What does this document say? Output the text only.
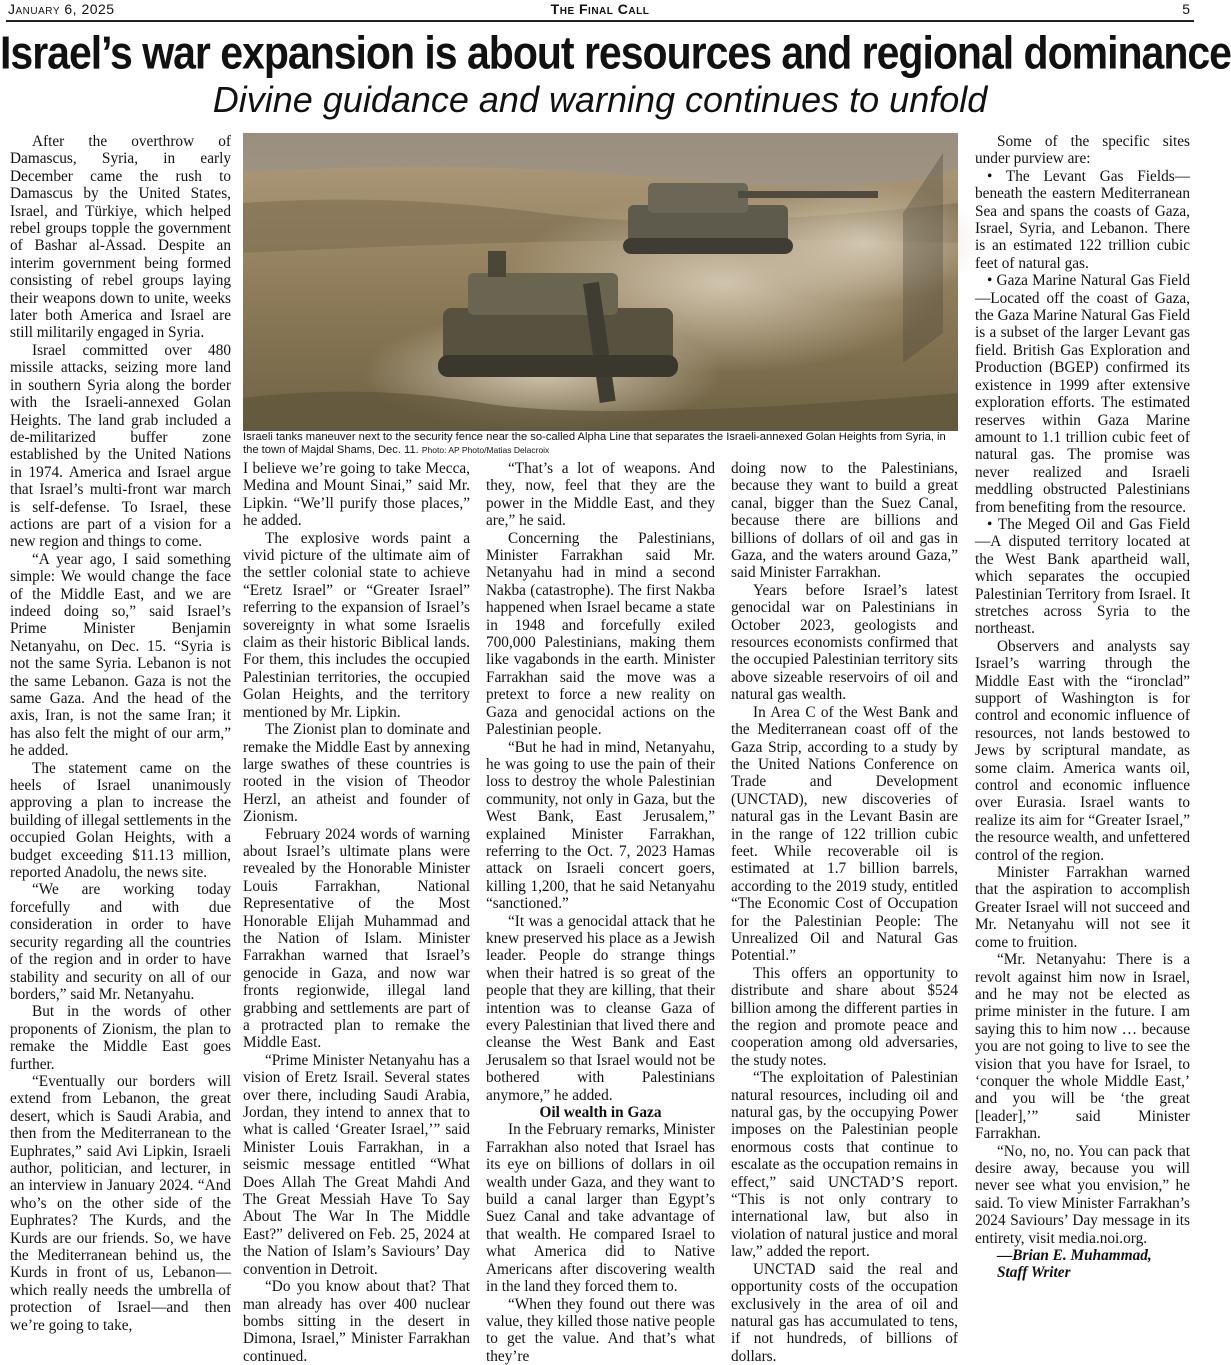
The Final Call
January 6, 2025	5
Israel’s war expansion is about resources and regional dominance
Divine guidance and warning continues to unfold

After the overthrow of Damascus, Syria, in early December came the rush to Damascus by the United States, Israel, and Türkiye, which helped rebel groups topple the government of Bashar al-Assad. Despite an interim government being formed consisting of rebel groups laying their weapons down to unite, weeks later both America and Israel are still militarily engaged in Syria.

Israel committed over 480 missile attacks, seizing more land in southern Syria along the border with the Israeli-annexed Golan Heights. The land grab included a de-militarized buffer zone established by the United Nations in 1974. America and Israel argue that Israel’s multi-front war march is self-defense. To Israel, these actions are part of a vision for a new region and things to come.

“A year ago, I said something simple: We would change the face of the Middle East, and we are indeed doing so,” said Israel’s Prime Minister Benjamin Netanyahu, on Dec. 15. “Syria is not the same Syria. Lebanon is not the same Lebanon. Gaza is not the same Gaza. And the head of the axis, Iran, is not the same Iran; it has also felt the might of our arm,” he added.

The statement came on the heels of Israel unanimously approving a plan to increase the building of illegal settlements in the occupied Golan Heights, with a budget exceeding $11.13 million, reported Anadolu, the news site.

“We are working today forcefully and with due consideration in order to have security regarding all the countries of the region and in order to have stability and security on all of our borders,” said Mr. Netanyahu.

But in the words of other proponents of Zionism, the plan to remake the Middle East goes further.

“Eventually our borders will extend from Lebanon, the great desert, which is Saudi Arabia, and then from the Mediterranean to the Euphrates,” said Avi Lipkin, Israeli author, politician, and lecturer, in an interview in January 2024. “And who’s on the other side of the Euphrates? The Kurds, and the Kurds are our friends. So, we have the Mediterranean behind us, the Kurds in front of us, Lebanon—which really needs the umbrella of protection of Israel—and then we’re going to take,

Israeli tanks maneuver next to the security fence near the so-called Alpha Line that separates the Israeli-annexed Golan Heights from Syria, in the town of Majdal Shams, Dec. 11. Photo: AP Photo/Matias Delacroix

I believe we’re going to take Mecca, Medina and Mount Sinai,” said Mr. Lipkin. “We’ll purify those places,” he added.

The explosive words paint a vivid picture of the ultimate aim of the settler colonial state to achieve “Eretz Israel” or “Greater Israel” referring to the expansion of Israel’s sovereignty in what some Israelis claim as their historic Biblical lands. For them, this includes the occupied Palestinian territories, the occupied Golan Heights, and the territory mentioned by Mr. Lipkin.

The Zionist plan to dominate and remake the Middle East by annexing large swathes of these countries is rooted in the vision of Theodor Herzl, an atheist and founder of Zionism.

February 2024 words of warning about Israel’s ultimate plans were revealed by the Honorable Minister Louis Farrakhan, National Representative of the Most Honorable Elijah Muhammad and the Nation of Islam. Minister Farrakhan warned that Israel’s genocide in Gaza, and now war fronts regionwide, illegal land grabbing and settlements are part of a protracted plan to remake the Middle East.

“Prime Minister Netanyahu has a vision of Eretz Israil. Several states over there, including Saudi Arabia, Jordan, they intend to annex that to what is called ‘Greater Israel,’” said Minister Louis Farrakhan, in a seismic message entitled “What Does Allah The Great Mahdi And The Great Messiah Have To Say About The War In The Middle East?” delivered on Feb. 25, 2024 at the Nation of Islam’s Saviours’ Day convention in Detroit.

“Do you know about that? That man already has over 400 nuclear bombs sitting in the desert in Dimona, Israel,” Minister Farrakhan continued.

“That’s a lot of weapons. And they, now, feel that they are the power in the Middle East, and they are,” he said.

Concerning the Palestinians, Minister Farrakhan said Mr. Netanyahu had in mind a second Nakba (catastrophe). The first Nakba happened when Israel became a state in 1948 and forcefully exiled 700,000 Palestinians, making them like vagabonds in the earth. Minister Farrakhan said the move was a pretext to force a new reality on Gaza and genocidal actions on the Palestinian people.

“But he had in mind, Netanyahu, he was going to use the pain of their loss to destroy the whole Palestinian community, not only in Gaza, but the West Bank, East Jerusalem,” explained Minister Farrakhan, referring to the Oct. 7, 2023 Hamas attack on Israeli concert goers, killing 1,200, that he said Netanyahu “sanctioned.”

“It was a genocidal attack that he knew preserved his place as a Jewish leader. People do strange things when their hatred is so great of the people that they are killing, that their intention was to cleanse Gaza of every Palestinian that lived there and cleanse the West Bank and East Jerusalem so that Israel would not be bothered with Palestinians anymore,” he added.

Oil wealth in Gaza

In the February remarks, Minister Farrakhan also noted that Israel has its eye on billions of dollars in oil wealth under Gaza, and they want to build a canal larger than Egypt’s Suez Canal and take advantage of that wealth. He compared Israel to what America did to Native Americans after discovering wealth in the land they forced them to.

“When they found out there was value, they killed those native people to get the value. And that’s what they’re

doing now to the Palestinians, because they want to build a great canal, bigger than the Suez Canal, because there are billions and billions of dollars of oil and gas in Gaza, and the waters around Gaza,” said Minister Farrakhan.

Years before Israel’s latest genocidal war on Palestinians in October 2023, geologists and resources economists confirmed that the occupied Palestinian territory sits above sizeable reservoirs of oil and natural gas wealth.

In Area C of the West Bank and the Mediterranean coast off of the Gaza Strip, according to a study by the United Nations Conference on Trade and Development (UNCTAD), new discoveries of natural gas in the Levant Basin are in the range of 122 trillion cubic feet. While recoverable oil is estimated at 1.7 billion barrels, according to the 2019 study, entitled “The Economic Cost of Occupation for the Palestinian People: The Unrealized Oil and Natural Gas Potential.”

This offers an opportunity to distribute and share about $524 billion among the different parties in the region and promote peace and cooperation among old adversaries, the study notes.

“The exploitation of Palestinian natural resources, including oil and natural gas, by the occupying Power imposes on the Palestinian people enormous costs that continue to escalate as the occupation remains in effect,” said UNCTAD’S report. “This is not only contrary to international law, but also in violation of natural justice and moral law,” added the report.

UNCTAD said the real and opportunity costs of the occupation exclusively in the area of oil and natural gas has accumulated to tens, if not hundreds, of billions of dollars.

Some of the specific sites under purview are:

• The Levant Gas Fields—beneath the eastern Mediterranean Sea and spans the coasts of Gaza, Israel, Syria, and Lebanon. There is an estimated 122 trillion cubic feet of natural gas.

• Gaza Marine Natural Gas Field—Located off the coast of Gaza, the Gaza Marine Natural Gas Field is a subset of the larger Levant gas field. British Gas Exploration and Production (BGEP) confirmed its existence in 1999 after extensive exploration efforts. The estimated reserves within Gaza Marine amount to 1.1 trillion cubic feet of natural gas. The promise was never realized and Israeli meddling obstructed Palestinians from benefiting from the resource.

• The Meged Oil and Gas Field—A disputed territory located at the West Bank apartheid wall, which separates the occupied Palestinian Territory from Israel. It stretches across Syria to the northeast.

Observers and analysts say Israel’s warring through the Middle East with the “ironclad” support of Washington is for control and economic influence of resources, not lands bestowed to Jews by scriptural mandate, as some claim. America wants oil, control and economic influence over Eurasia. Israel wants to realize its aim for “Greater Israel,” the resource wealth, and unfettered control of the region.

Minister Farrakhan warned that the aspiration to accomplish Greater Israel will not succeed and Mr. Netanyahu will not see it come to fruition.

“Mr. Netanyahu: There is a revolt against him now in Israel, and he may not be elected as prime minister in the future. I am saying this to him now … because you are not going to live to see the vision that you have for Israel, to ‘conquer the whole Middle East,’ and you will be ‘the great [leader],’” said Minister Farrakhan.

“No, no, no. You can pack that desire away, because you will never see what you envision,” he said. To view Minister Farrakhan’s 2024 Saviours’ Day message in its entirety, visit media.noi.org.

—Brian E. Muhammad,

Staff Writer
